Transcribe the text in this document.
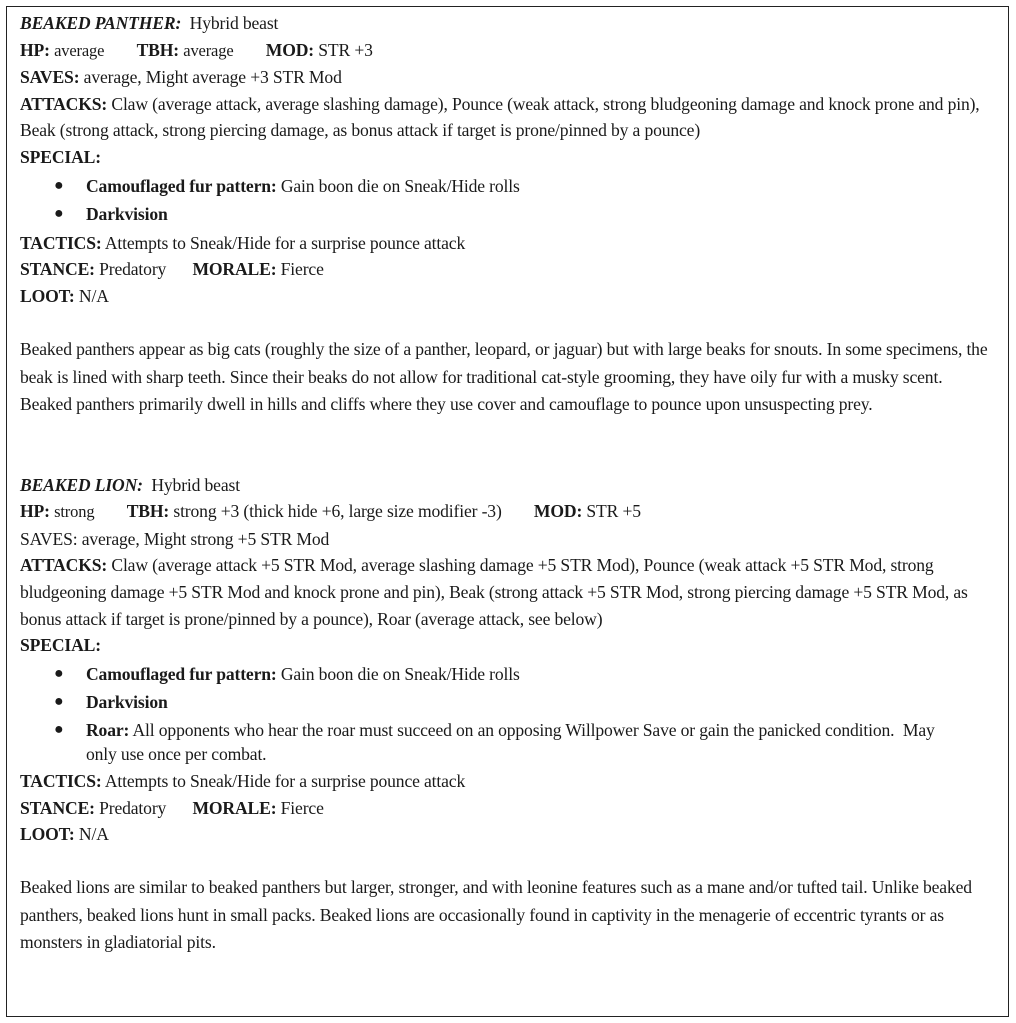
BEAKED PANTHER: Hybrid beast
HP: average TBH: average MOD: STR +3
SAVES: average, Might average +3 STR Mod
ATTACKS: Claw (average attack, average slashing damage), Pounce (weak attack, strong bludgeoning damage and knock prone and pin), Beak (strong attack, strong piercing damage, as bonus attack if target is prone/pinned by a pounce)
SPECIAL:
● Camouflaged fur pattern: Gain boon die on Sneak/Hide rolls
● Darkvision
TACTICS: Attempts to Sneak/Hide for a surprise pounce attack
STANCE: Predatory MORALE: Fierce
LOOT: N/A

Beaked panthers appear as big cats (roughly the size of a panther, leopard, or jaguar) but with large beaks for snouts. In some specimens, the beak is lined with sharp teeth. Since their beaks do not allow for traditional cat-style grooming, they have oily fur with a musky scent. Beaked panthers primarily dwell in hills and cliffs where they use cover and camouflage to pounce upon unsuspecting prey.

BEAKED LION: Hybrid beast
HP: strong TBH: strong +3 (thick hide +6, large size modifier -3) MOD: STR +5
SAVES: average, Might strong +5 STR Mod
ATTACKS: Claw (average attack +5 STR Mod, average slashing damage +5 STR Mod), Pounce (weak attack +5 STR Mod, strong bludgeoning damage +5 STR Mod and knock prone and pin), Beak (strong attack +5 STR Mod, strong piercing damage +5 STR Mod, as bonus attack if target is prone/pinned by a pounce), Roar (average attack, see below)
SPECIAL:
● Camouflaged fur pattern: Gain boon die on Sneak/Hide rolls
● Darkvision
● Roar: All opponents who hear the roar must succeed on an opposing Willpower Save or gain the panicked condition.  May only use once per combat.
TACTICS: Attempts to Sneak/Hide for a surprise pounce attack
STANCE: Predatory MORALE: Fierce
LOOT: N/A

Beaked lions are similar to beaked panthers but larger, stronger, and with leonine features such as a mane and/or tufted tail. Unlike beaked panthers, beaked lions hunt in small packs. Beaked lions are occasionally found in captivity in the menagerie of eccentric tyrants or as monsters in gladiatorial pits.
